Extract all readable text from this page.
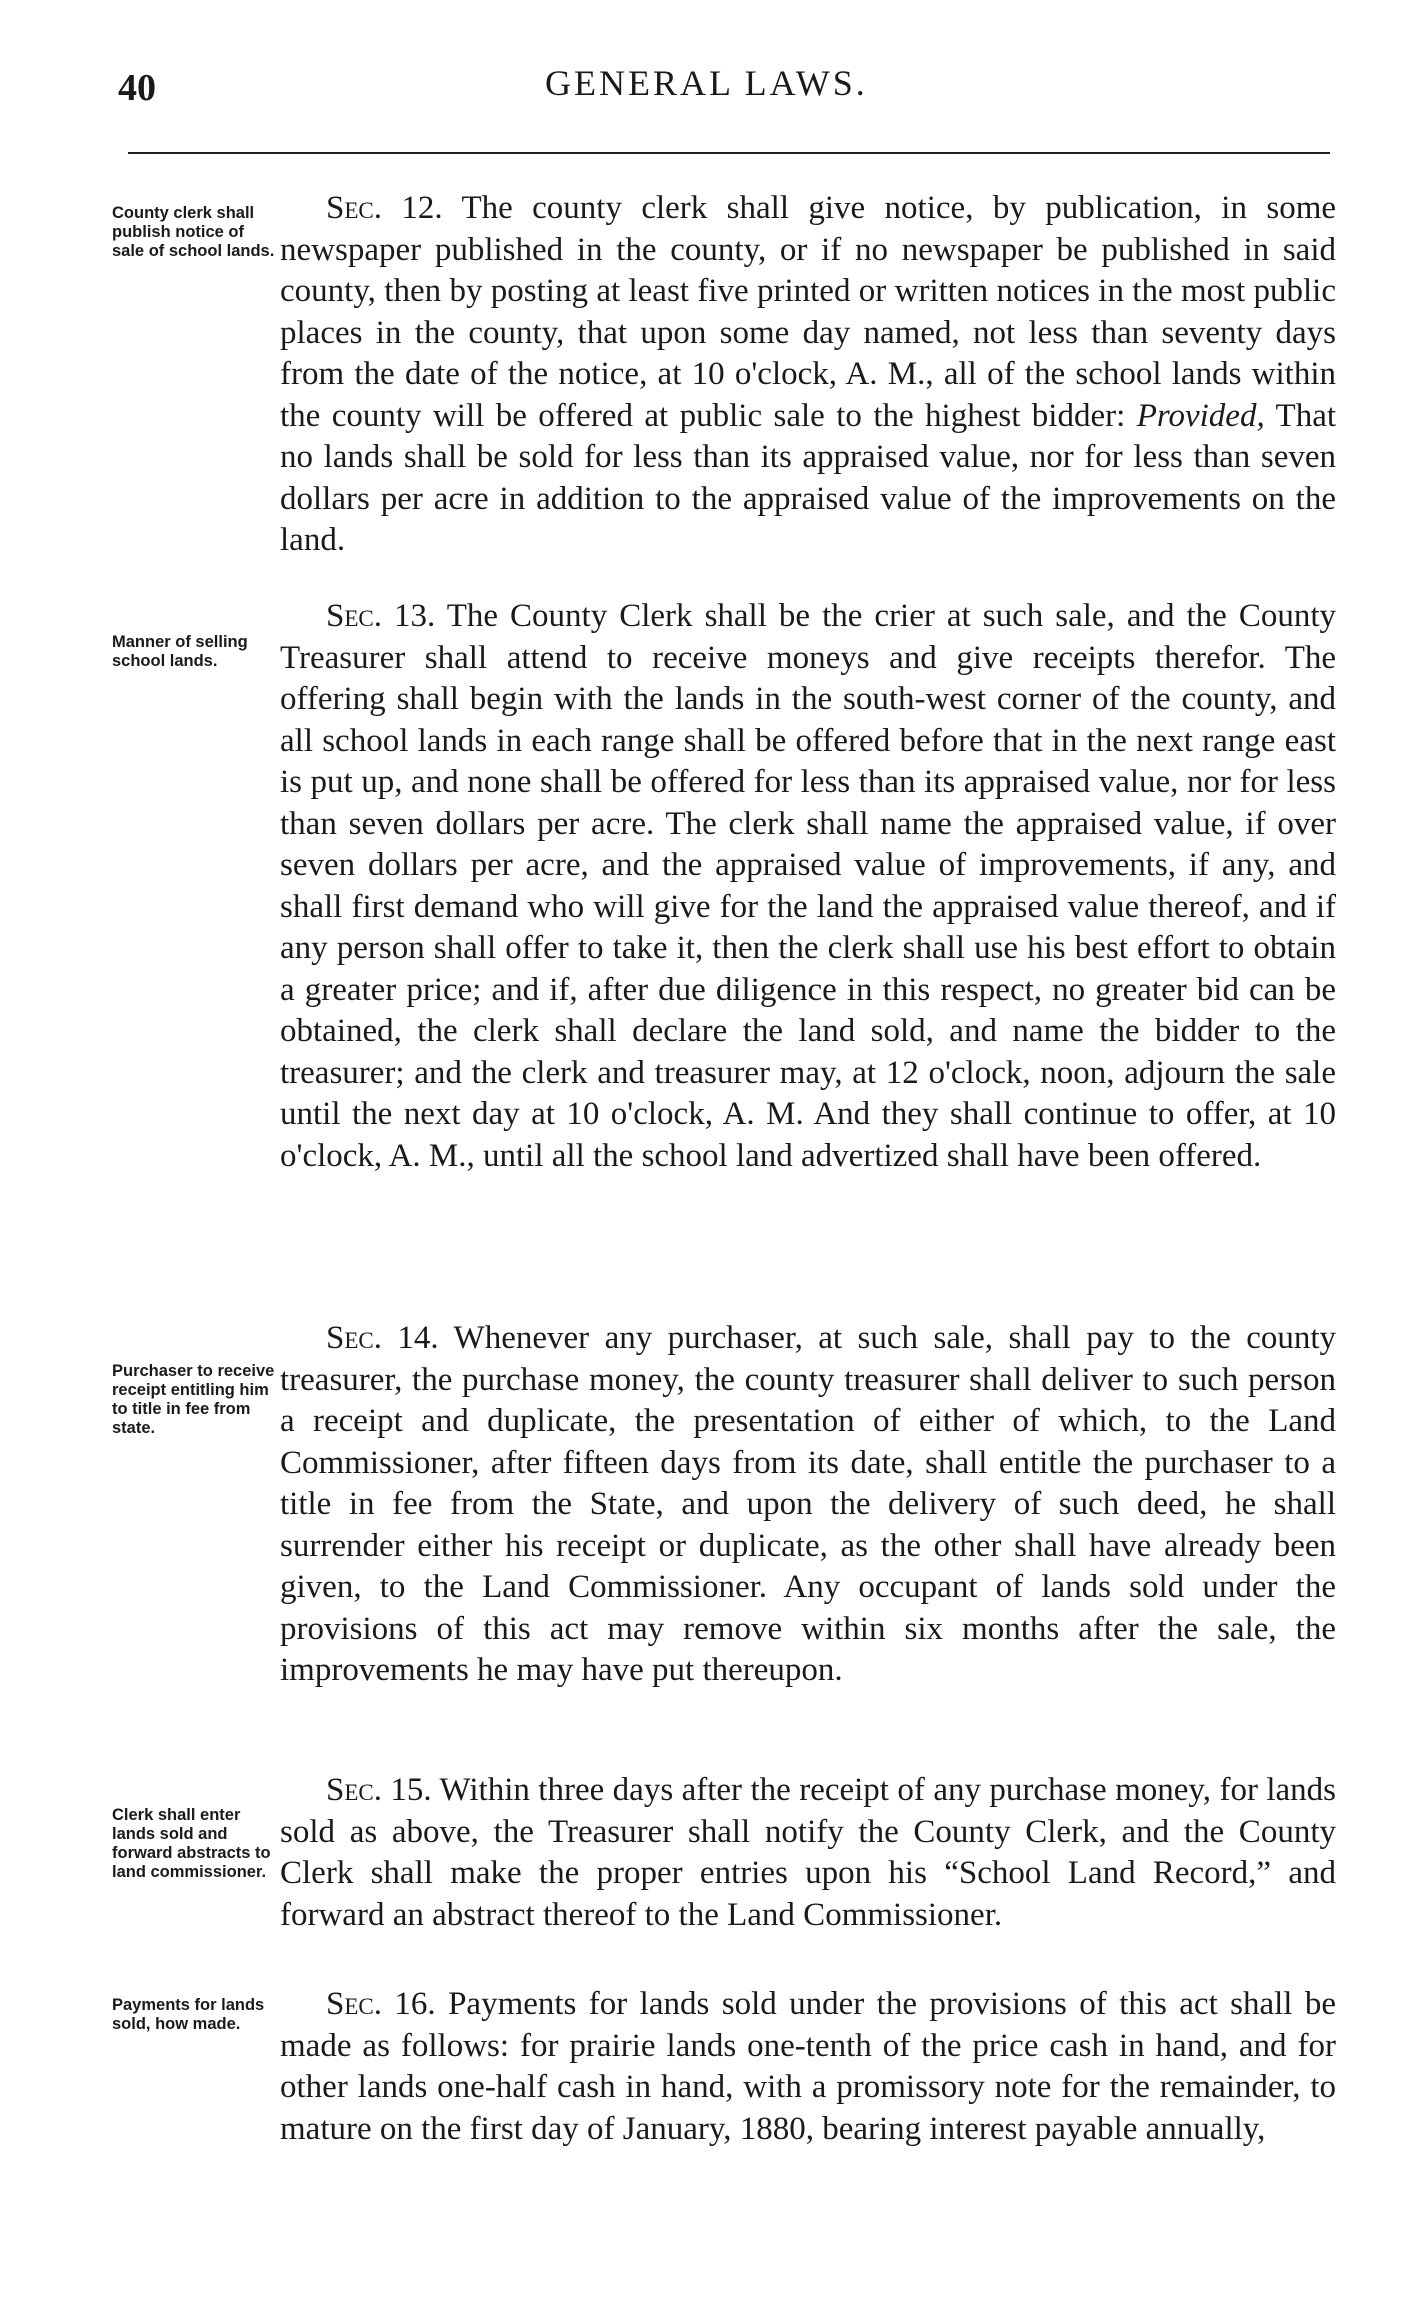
40	GENERAL LAWS.
County clerk shall publish notice of sale of school lands.
Manner of selling school lands.
Purchaser to receive receipt entitling him to title in fee from state.
Clerk shall enter lands sold and forward abstracts to land commissioner.
Payments for lands sold, how made.

Sec. 12. The county clerk shall give notice, by publication, in some newspaper published in the county, or if no newspaper be published in said county, then by posting at least five printed or written notices in the most public places in the county, that upon some day named, not less than seventy days from the date of the notice, at 10 o'clock, A. M., all of the school lands within the county will be offered at public sale to the highest bidder: Provided, That no lands shall be sold for less than its appraised value, nor for less than seven dollars per acre in addition to the appraised value of the improvements on the land.

Sec. 13. The County Clerk shall be the crier at such sale, and the County Treasurer shall attend to receive moneys and give receipts therefor. The offering shall begin with the lands in the south-west corner of the county, and all school lands in each range shall be offered before that in the next range east is put up, and none shall be offered for less than its appraised value, nor for less than seven dollars per acre. The clerk shall name the appraised value, if over seven dollars per acre, and the appraised value of improvements, if any, and shall first demand who will give for the land the appraised value thereof, and if any person shall offer to take it, then the clerk shall use his best effort to obtain a greater price; and if, after due diligence in this respect, no greater bid can be obtained, the clerk shall declare the land sold, and name the bidder to the treasurer; and the clerk and treasurer may, at 12 o'clock, noon, adjourn the sale until the next day at 10 o'clock, A. M. And they shall continue to offer, at 10 o'clock, A. M., until all the school land advertized shall have been offered.

Sec. 14. Whenever any purchaser, at such sale, shall pay to the county treasurer, the purchase money, the county treasurer shall deliver to such person a receipt and duplicate, the presentation of either of which, to the Land Commissioner, after fifteen days from its date, shall entitle the purchaser to a title in fee from the State, and upon the delivery of such deed, he shall surrender either his receipt or duplicate, as the other shall have already been given, to the Land Commissioner. Any occupant of lands sold under the provisions of this act may remove within six months after the sale, the improvements he may have put thereupon.

Sec. 15. Within three days after the receipt of any purchase money, for lands sold as above, the Treasurer shall notify the County Clerk, and the County Clerk shall make the proper entries upon his “School Land Record,” and forward an abstract thereof to the Land Commissioner.

Sec. 16. Payments for lands sold under the provisions of this act shall be made as follows: for prairie lands one-tenth of the price cash in hand, and for other lands one-half cash in hand, with a promissory note for the remainder, to mature on the first day of January, 1880, bearing interest payable annually,
